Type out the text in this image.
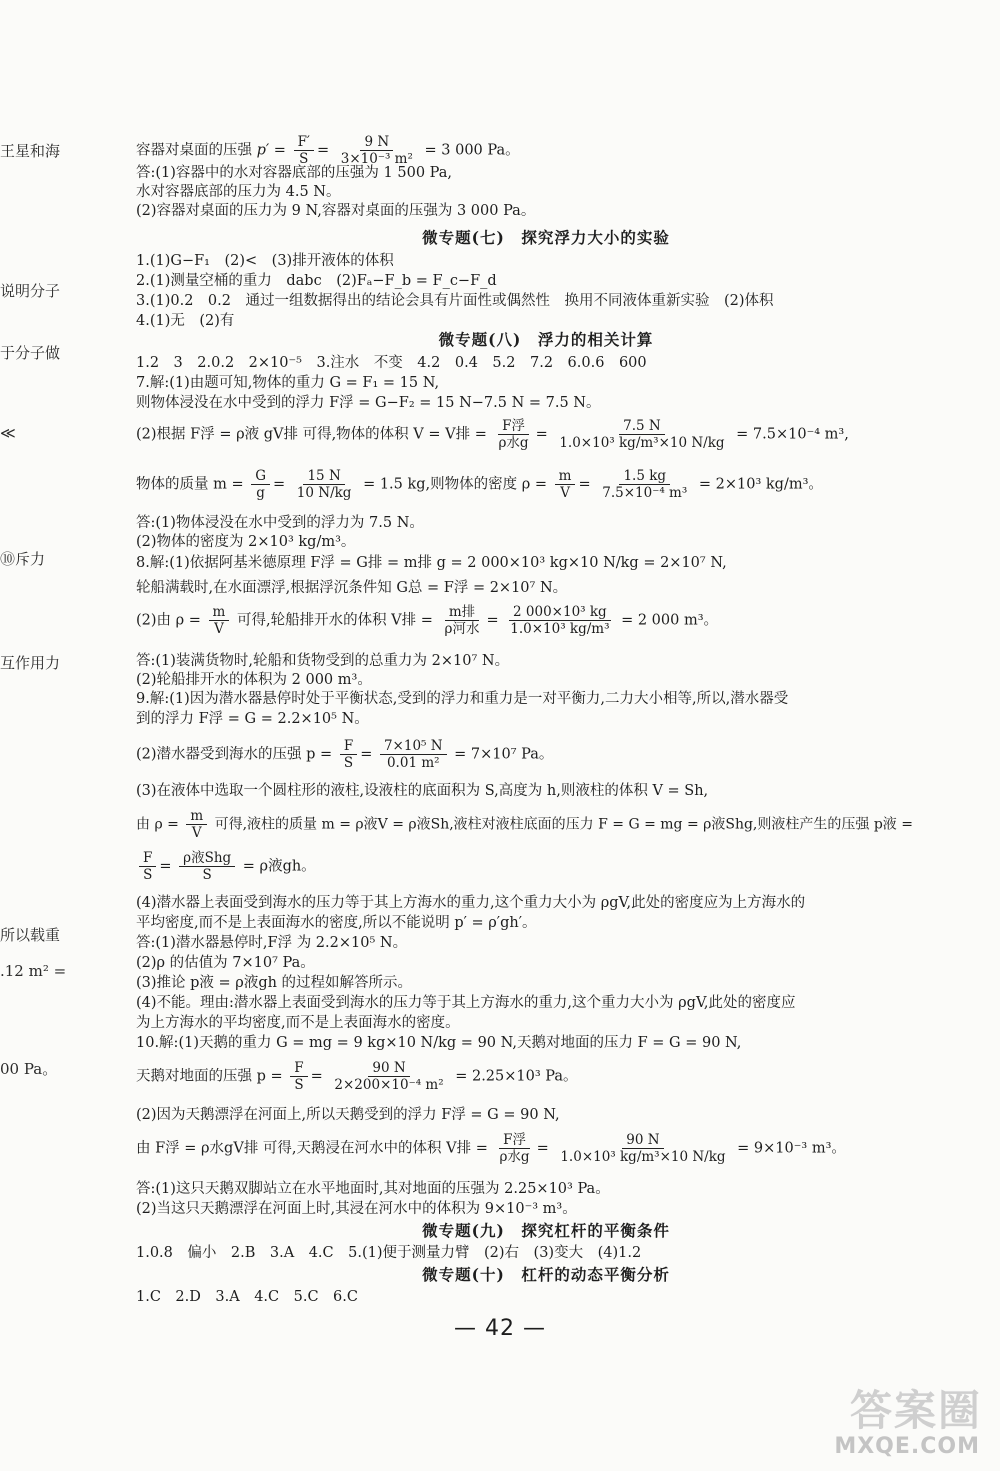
王星和海
说明分子
于分子做
≪
⑩斥力
互作用力
所以载重
.12 m² =
00 Pa。
容器对桌面的压强 $p' = \frac{F'}{S} = \frac{9 N}{\text{3×10⁻³ m²}} = 3$ 000 Pa。
答:(1)容器中的水对容器底部的压强为 1 500 Pa,
水对容器底部的压力为 4.5 N。
(2)容器对桌面的压力为 9 N,容器对桌面的压强为 3 000 Pa。
微专题(七)　探究浮力大小的实验
1.(1)G−F₁　(2)<　(3)排开液体的体积
2.(1)测量空桶的重力　dabc　(2)Fₐ−F_b = F_c−F_d
3.(1)0.2　0.2　通过一组数据得出的结论会具有片面性或偶然性　换用不同液体重新实验　(2)体积
4.(1)无　(2)有
微专题(八)　浮力的相关计算
1.2　3　2.0.2　2×10⁻⁵　3.注水　不变　4.2　0.4　5.2　7.2　6.0.6　600
7.解:(1)由题可知,物体的重力 G = F₁ = 15 N,
则物体浸没在水中受到的浮力 F浮 = G−F₂ = 15 N−7.5 N = 7.5 N。
(2)根据 F浮 = ρ液 gV排 可得,物体的体积 V = V排 = $\frac{\text{F浮}}{\text{ρ水g}} = \frac{7.5 N}{\text{1.0×10³ kg/m³×10 N/kg}} = 7.5\times 10^{-4}$ m³,
物体的质量 $m = \frac{G}{g} = \frac{15 N}{10 N/kg} = 1.5$ kg,则物体的密度 $\rho = \frac{m}{V} = \frac{1.5 kg}{\text{7.5×10⁻⁴ m³}} = 2\times 10^3$ kg/m³。
答:(1)物体浸没在水中受到的浮力为 7.5 N。
(2)物体的密度为 2×10³ kg/m³。
8.解:(1)依据阿基米德原理 F浮 = G排 = m排 g = 2 000×10³ kg×10 N/kg = 2×10⁷ N,
轮船满载时,在水面漂浮,根据浮沉条件知 G总 = F浮 = 2×10⁷ N。
(2)由 $\rho = \frac{m}{V}$ 可得,轮船排开水的体积 V排 = $\frac{\text{m排}}{\text{ρ河水}} = \frac{\text{2 000×10³ kg}}{\text{1.0×10³ kg/m³}} = 2$ 000 m³。
答:(1)装满货物时,轮船和货物受到的总重力为 2×10⁷ N。
(2)轮船排开水的体积为 2 000 m³。
9.解:(1)因为潜水器悬停时处于平衡状态,受到的浮力和重力是一对平衡力,二力大小相等,所以,潜水器受
到的浮力 F浮 = G = 2.2×10⁵ N。
(2)潜水器受到海水的压强 $p = \frac{F}{S} = \frac{\text{7×10⁵ N}}{\text{0.01 m²}} = 7\times 10^7$ Pa。
(3)在液体中选取一个圆柱形的液柱,设液柱的底面积为 S,高度为 h,则液柱的体积 V = Sh,
由 $\rho = \frac{m}{V}$ 可得,液柱的质量 m = ρ液V = ρ液Sh,液柱对液柱底面的压力 F = G = mg = ρ液Shg,则液柱产生的压强 p液 =
$\frac{F}{S} = \frac{\text{ρ液Shg}}{S} = \rho$液gh。
(4)潜水器上表面受到海水的压力等于其上方海水的重力,这个重力大小为 ρgV,此处的密度应为上方海水的
平均密度,而不是上表面海水的密度,所以不能说明 p′ = ρ′gh′。
答:(1)潜水器悬停时,F浮 为 2.2×10⁵ N。
(2)ρ 的估值为 7×10⁷ Pa。
(3)推论 p液 = ρ液gh 的过程如解答所示。
(4)不能。理由:潜水器上表面受到海水的压力等于其上方海水的重力,这个重力大小为 ρgV,此处的密度应
为上方海水的平均密度,而不是上表面海水的密度。
10.解:(1)天鹅的重力 G = mg = 9 kg×10 N/kg = 90 N,天鹅对地面的压力 F = G = 90 N,
天鹅对地面的压强 $p = \frac{F}{S} = \frac{90 N}{\text{2×200×10⁻⁴ m²}} = 2.25\times 10^3$ Pa。
(2)因为天鹅漂浮在河面上,所以天鹅受到的浮力 F浮 = G = 90 N,
由 F浮 = ρ水gV排 可得,天鹅浸在河水中的体积 V排 = $\frac{\text{F浮}}{\text{ρ水g}} = \frac{90 N}{\text{1.0×10³ kg/m³×10 N/kg}} = 9\times 10^{-3}$ m³。
答:(1)这只天鹅双脚站立在水平地面时,其对地面的压强为 2.25×10³ Pa。
(2)当这只天鹅漂浮在河面上时,其浸在河水中的体积为 9×10⁻³ m³。
微专题(九)　探究杠杆的平衡条件
1.0.8　偏小　2.B　3.A　4.C　5.(1)便于测量力臂　(2)右　(3)变大　(4)1.2
微专题(十)　杠杆的动态平衡分析
1.C　2.D　3.A　4.C　5.C　6.C
— 42 —
答案圈
MXQE.COM
